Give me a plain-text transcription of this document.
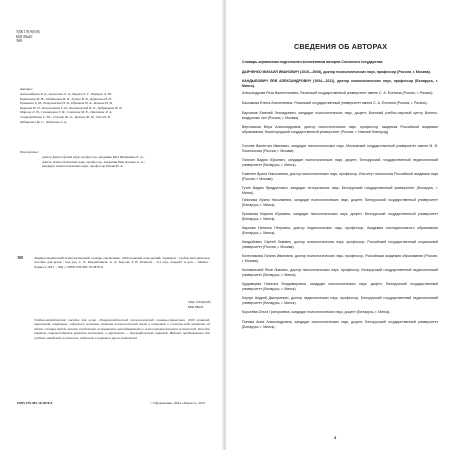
УДК 159.9(038)
ББК 88я20
Э68
Авторы:
Александрова Р. А., Алексеева О. А., Бариев Е. Г., Бархрис А. Ю.
Бартенёва И. Н., Гайдашова М. В., Гутин В. В., Дорохова Н. П.
Ермакова Т. М., Евтуховская Н. В., Ефимова Н. А., Ильина Н. В.
Карпова Н. П., Колесникова Г. И., Коломинский Я. Л., Кудрявцева Н. В.
Мириин Л. Н., Саммирова Т. И., Соколова М. Е., Цветкова Л. А.
Старовойтова С. Ю., Ступак Ж. А., Трощик Ж. Н., Ткач Н. В.
Федорович М. С., Федосова Т. А.
Рецензенты:
доктор философских наук, профессор, академик РАО Шумилина Е. А.;
доктор психологических наук, профессор, академик РАО Донова А. А.;
кандидат психологических наук, профессор Ильин В. А.
Э68	Энциклопедический психологический словарь-справочник. 1000 понятий, персоналий, терминов : учебно-методическое пособие для вузов / под ред. С. Л. Кандыбовича, А. Д. Короля, Т. В. Разиной. – 6-е изд., перераб. и доп. – Минск : Харвест, 2021. – 864 с. ISBN 978-985-18-4878-8.
УДК 159.9(038)
ББК 88я20
Учебно-методическое пособие для вузов «Энциклопедический психологический словарь-справочник. 1000 понятий, персоналий, терминов» содержит основные понятия психологической науки и позволяет в сжатом виде охватить её объём. Словарь будет полезен студентам, аспирантам, преподавателям и всем интересующимся психологией. Каждое понятие сопровождается кратким описанием, а персоналии — биографической справкой. Издание предназначено для учебных заведений, психологов, педагогов и широкого круга читателей.
ISBN 978-985-18-4878-8	© Оформление. ООО «Харвест», 2021
СВЕДЕНИЯ ОБ АВТОРАХ
Словарь-справочник подготовлен коллективом авторов Сосонного государства.
ДЬЯЧЕНКО МИХАИЛ ИВАНОВИЧ (1915—2006), доктор психологических наук, профессор (Россия, г. Москва).
КАНДЫБОВИЧ ЛЕВ АЛЕКСАНДРОВИЧ (1934—2011), доктор психологических наук, профессор (Беларусь, г. Минск).
Александрова Роза Валентиновна, Рязанский государственный университет имени С. А. Есенина (Россия, г. Рязань).
Баклакова Елена Анатольевна, Рязанский государственный университет имени С. А. Есенина (Россия, г. Рязань).
Барханов Евгений Геннадьевич, кандидат психологических наук, доцент, Военный учебно-научный центр Военно-воздушных сил (Россия, г. Москва).
Верховская Вера Александровна, доктор психологических наук, профессор, академик Российской академии образования, Нижегородский государственный университет (Россия, г. Нижний Новгород).
Гоголев Валентин Иванович, кандидат психологических наук, Московский государственный университет имени М. В. Ломоносова (Россия, г. Москва).
Гагалин Вадим Юрьевич, кандидат психологических наук, доцент, Белорусский государственный педагогический университет (Беларусь, г. Минск).
Гомелев Ирина Николаевна, доктор психологических наук, профессор, Институт психологии Российской академии наук (Россия, г. Москва).
Гутин Вадим Фридрихович, кандидат исторических наук, Белорусский государственный университет (Беларусь, г. Минск).
Гапонова Ирина Николаевна, кандидат психологических наук, доцент, Белорусский государственный университет (Беларусь, г. Минск).
Ермакова Марина Юрьевна, кандидат психологических наук, доцент, Белорусский государственный университет (Беларусь, г. Минск).
Карпова Наталья Петровна, доктор педагогических наук, профессор, Академия последипломного образования (Беларусь, г. Минск).
Кандыбович Сергей Львович, доктор психологических наук, профессор, Российский государственный социальный университет (Россия, г. Москва).
Колесникова Галина Ивановна, доктор психологических наук, профессор, Российская академия образования (Россия, г. Москва).
Коломинский Яков Львович, доктор психологических наук, профессор, Белорусский государственный педагогический университет (Беларусь, г. Минск).
Кудрявцева Наталья Владимировна, кандидат психологических наук, доцент, Белорусский государственный университет (Беларусь, г. Минск).
Корзун Андрей Дмитриевич, доктор педагогических наук, профессор, Белорусский государственный педагогический университет (Беларусь, г. Минск).
Королёва Ольга Григорьевна, кандидат психологических наук, доцент (Беларусь, г. Минск).
Попова Анна Александровна, кандидат психологических наук, доцент, Белорусский государственный университет (Беларусь, г. Минск).
3
